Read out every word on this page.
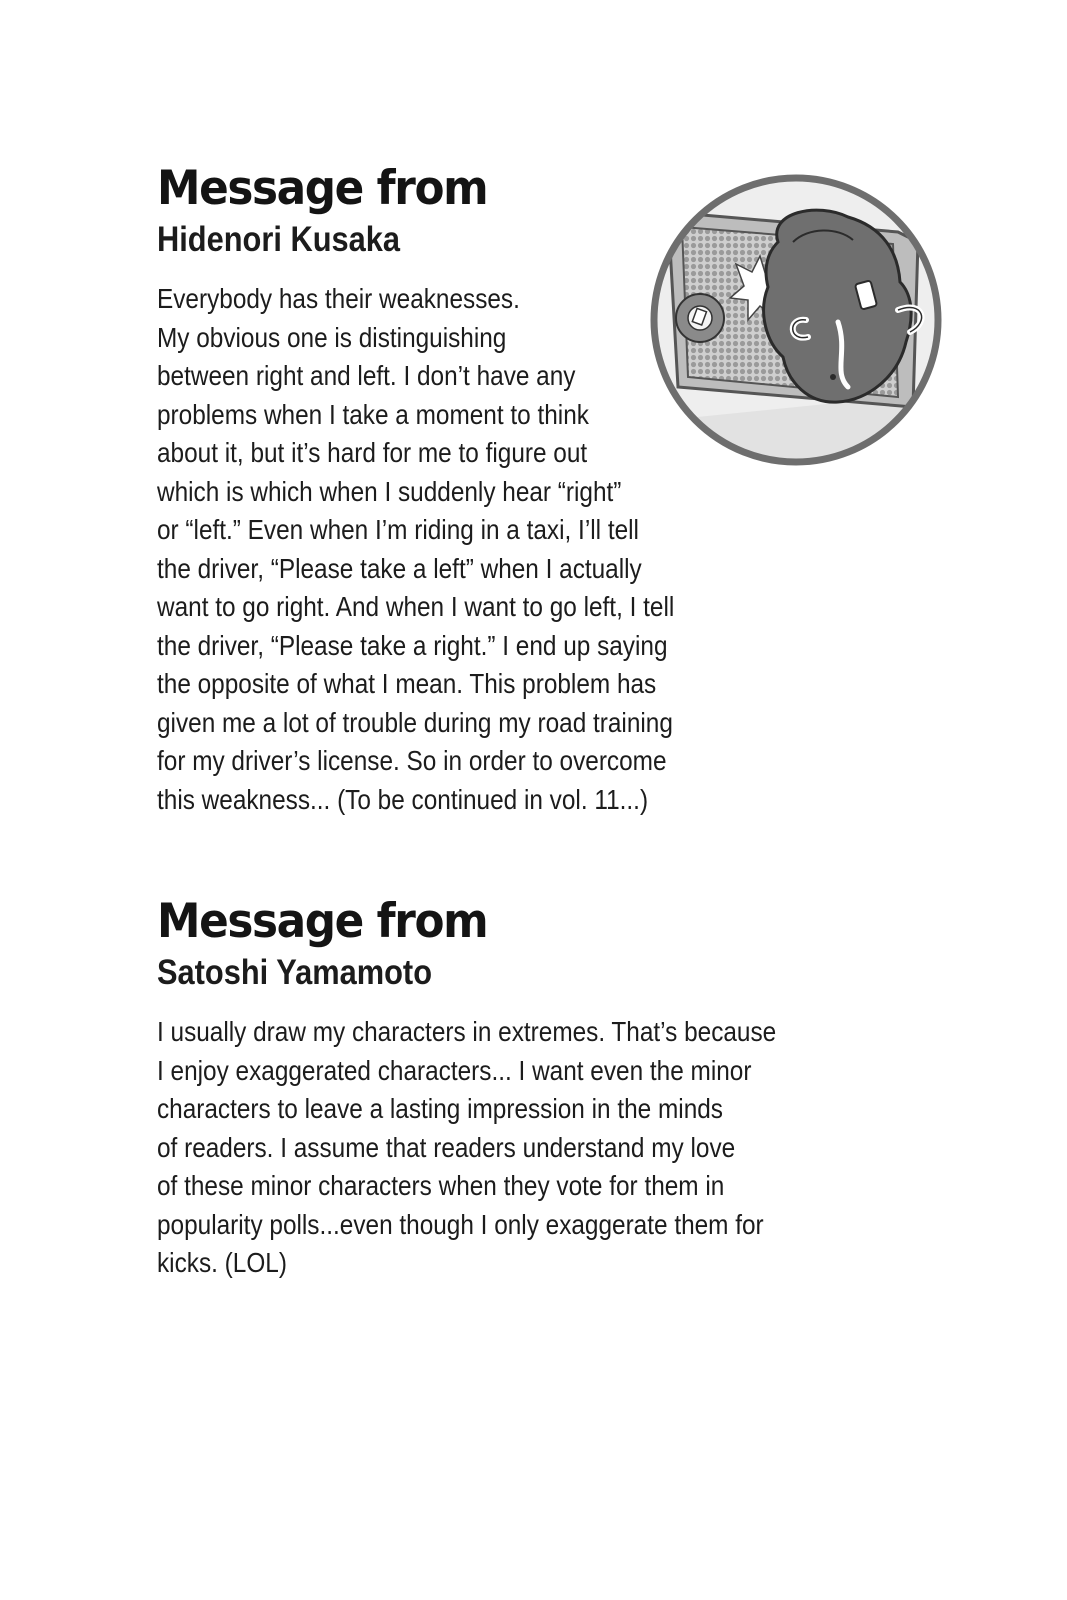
Message from
Hidenori Kusaka
Everybody has their weaknesses.
My obvious one is distinguishing
between right and left. I don’t have any
problems when I take a moment to think
about it, but it’s hard for me to figure out
which is which when I suddenly hear “right”
or “left.” Even when I’m riding in a taxi, I’ll tell
the driver, “Please take a left” when I actually
want to go right. And when I want to go left, I tell
the driver, “Please take a right.” I end up saying
the opposite of what I mean. This problem has
given me a lot of trouble during my road training
for my driver’s license. So in order to overcome
this weakness... (To be continued in vol. 11...)
Message from
Satoshi Yamamoto
I usually draw my characters in extremes. That’s because
I enjoy exaggerated characters... I want even the minor
characters to leave a lasting impression in the minds
of readers. I assume that readers understand my love
of these minor characters when they vote for them in
popularity polls...even though I only exaggerate them for
kicks. (LOL)
